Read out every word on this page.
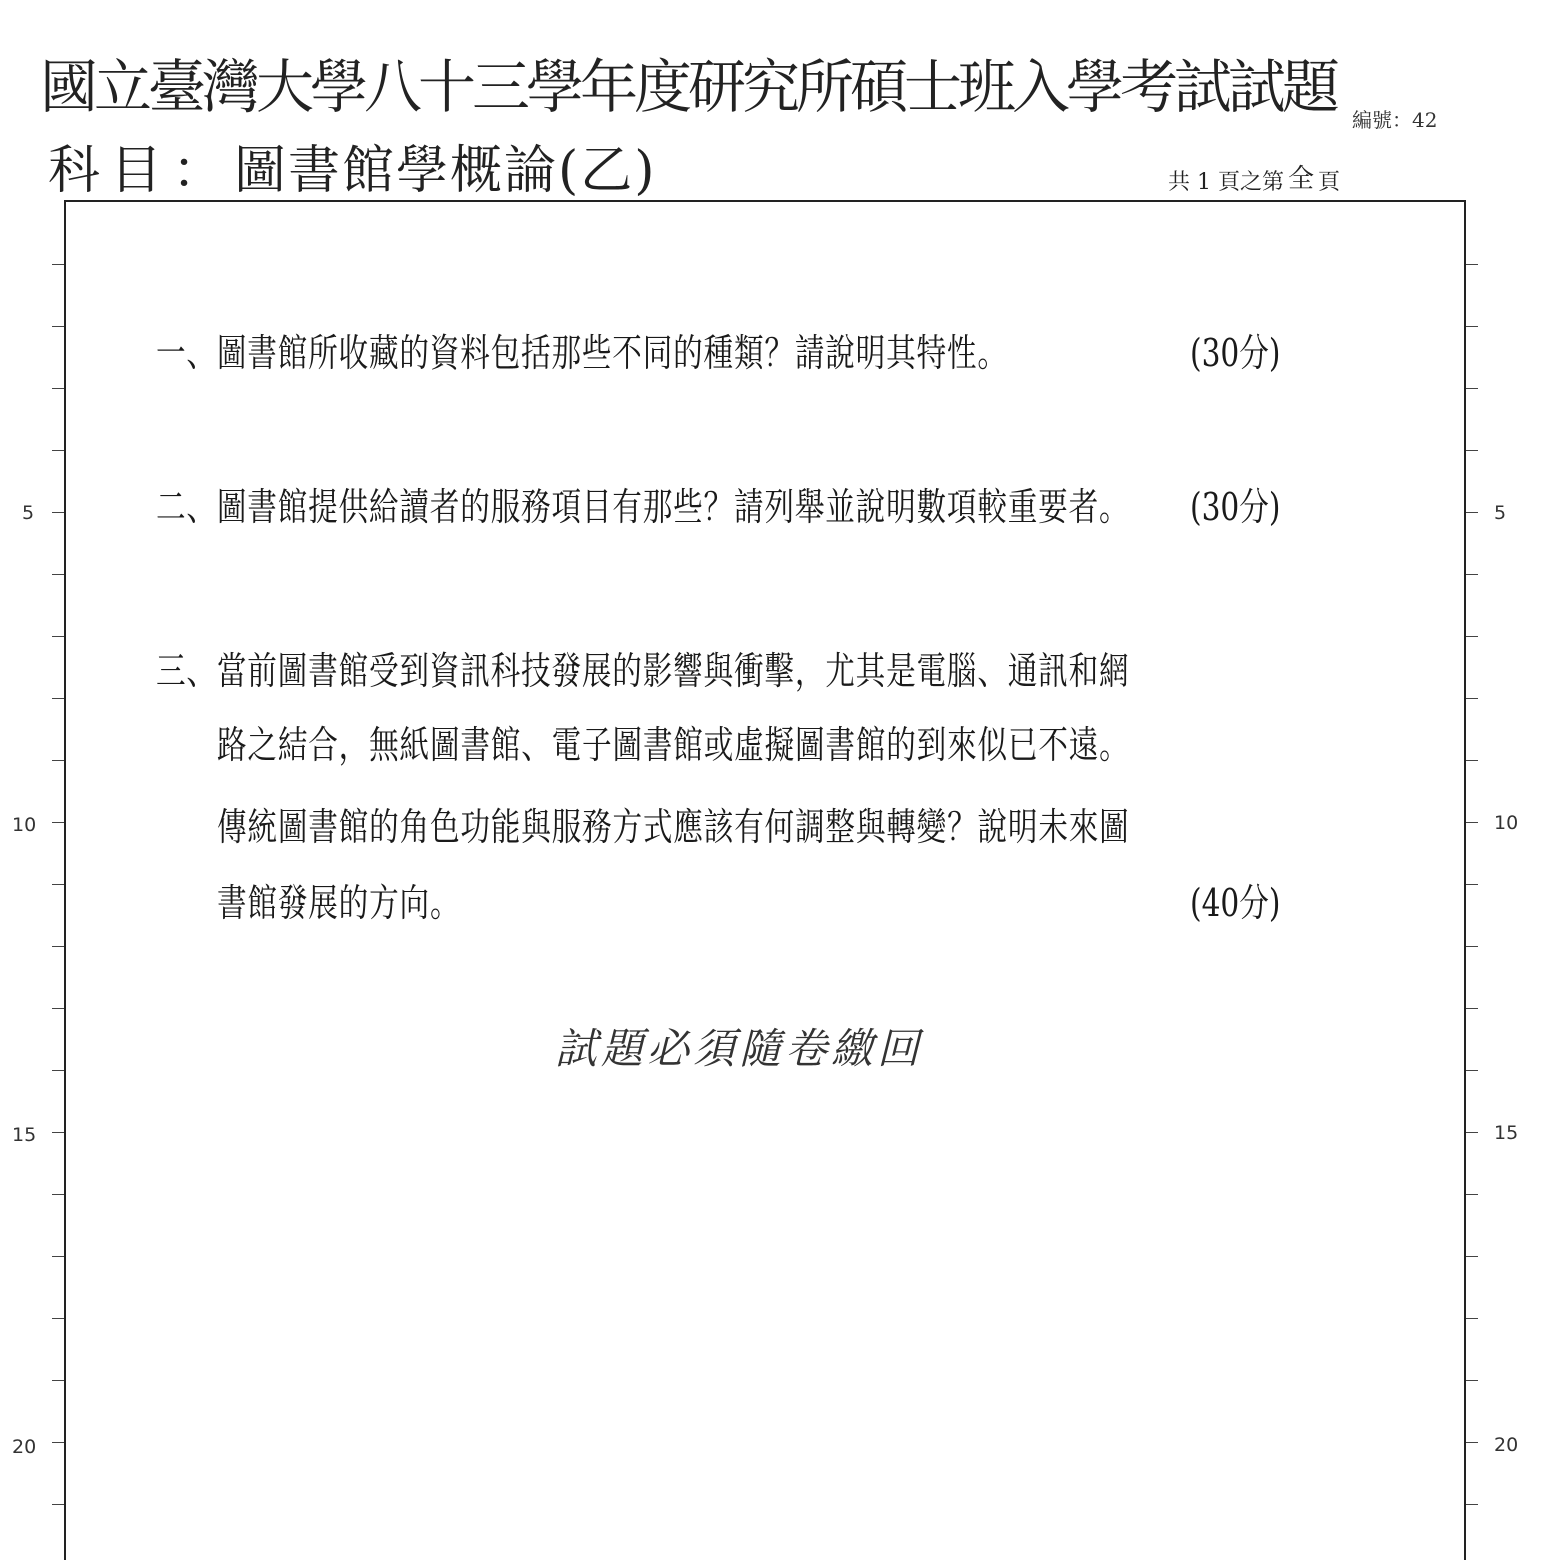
國立臺灣大學八十三學年度研究所碩士班入學考試試題
科目：圖書館學概論(乙)
編號：42
共 1 頁之第 全 頁
5	5
10	10
15	15
20	20
一、圖書館所收藏的資料包括那些不同的種類？請說明其特性。	(30分)
二、圖書館提供給讀者的服務項目有那些？請列舉並說明數項較重要者。 (30分)
三、當前圖書館受到資訊科技發展的影響與衝擊，尤其是電腦、通訊和網
路之結合，無紙圖書館、電子圖書館或虛擬圖書館的到來似已不遠。
傳統圖書館的角色功能與服務方式應該有何調整與轉變？說明未來圖
書館發展的方向。	(40分)
試題必須隨卷繳回
